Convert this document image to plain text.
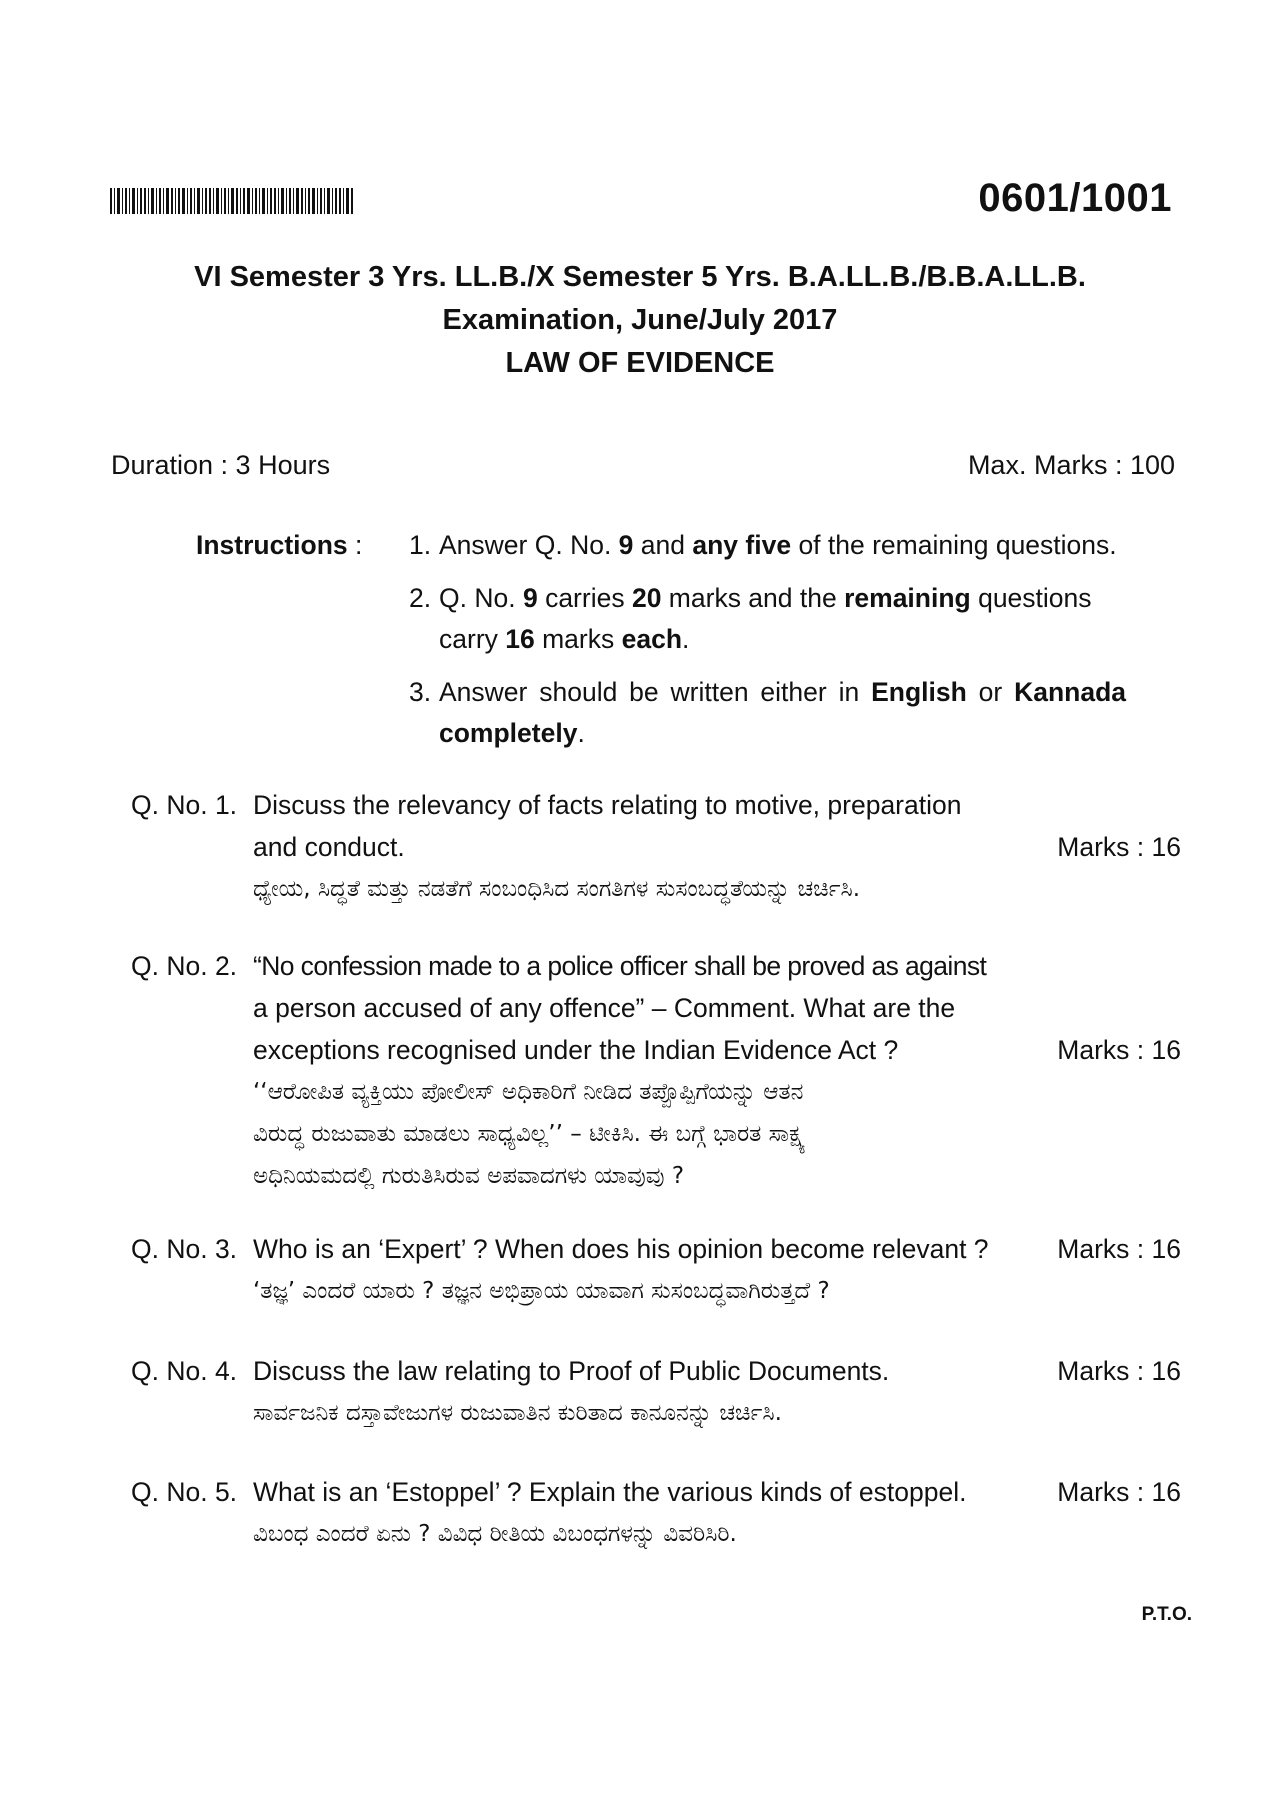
0601/1001
VI Semester 3 Yrs. LL.B./X Semester 5 Yrs. B.A.LL.B./B.B.A.LL.B.
Examination, June/July 2017
LAW OF EVIDENCE
Duration : 3 Hours	Max. Marks : 100
Instructions :	1. Answer Q. No. 9 and any five of the remaining questions.
2. Q. No. 9 carries 20 marks and the remaining questions
carry 16 marks each.
3. Answer should be written either in English or Kannada
completely.
Q. No. 1. Discuss the relevancy of facts relating to motive, preparation
and conduct.	Marks : 16
ಧ್ಯೇಯ, ಸಿದ್ಧತೆ ಮತ್ತು ನಡತೆಗೆ ಸಂಬಂಧಿಸಿದ ಸಂಗತಿಗಳ ಸುಸಂಬದ್ಧತೆಯನ್ನು ಚರ್ಚಿಸಿ.
Q. No. 2. “No confession made to a police officer shall be proved as against
a person accused of any offence” – Comment. What are the
exceptions recognised under the Indian Evidence Act ?	Marks : 16
‘‘ಆರೋಪಿತ ವ್ಯಕ್ತಿಯು ಪೋಲೀಸ್ ಅಧಿಕಾರಿಗೆ ನೀಡಿದ ತಪ್ಪೊಪ್ಪಿಗೆಯನ್ನು ಆತನ
ವಿರುದ್ಧ ರುಜುವಾತು ಮಾಡಲು ಸಾಧ್ಯವಿಲ್ಲ’’ – ಟೀಕಿಸಿ. ಈ ಬಗ್ಗೆ ಭಾರತ ಸಾಕ್ಷ್ಯ
ಅಧಿನಿಯಮದಲ್ಲಿ ಗುರುತಿಸಿರುವ ಅಪವಾದಗಳು ಯಾವುವು ?
Q. No. 3. Who is an ‘Expert’ ? When does his opinion become relevant ?	Marks : 16
‘ತಜ್ಞ’ ಎಂದರೆ ಯಾರು ? ತಜ್ಞನ ಅಭಿಪ್ರಾಯ ಯಾವಾಗ ಸುಸಂಬದ್ಧವಾಗಿರುತ್ತದೆ ?
Q. No. 4. Discuss the law relating to Proof of Public Documents.	Marks : 16
ಸಾರ್ವಜನಿಕ ದಸ್ತಾವೇಜುಗಳ ರುಜುವಾತಿನ ಕುರಿತಾದ ಕಾನೂನನ್ನು ಚರ್ಚಿಸಿ.
Q. No. 5. What is an ‘Estoppel’ ? Explain the various kinds of estoppel.	Marks : 16
ವಿಬಂಧ ಎಂದರೆ ಏನು ? ವಿವಿಧ ರೀತಿಯ ವಿಬಂಧಗಳನ್ನು ವಿವರಿಸಿರಿ.
P.T.O.
